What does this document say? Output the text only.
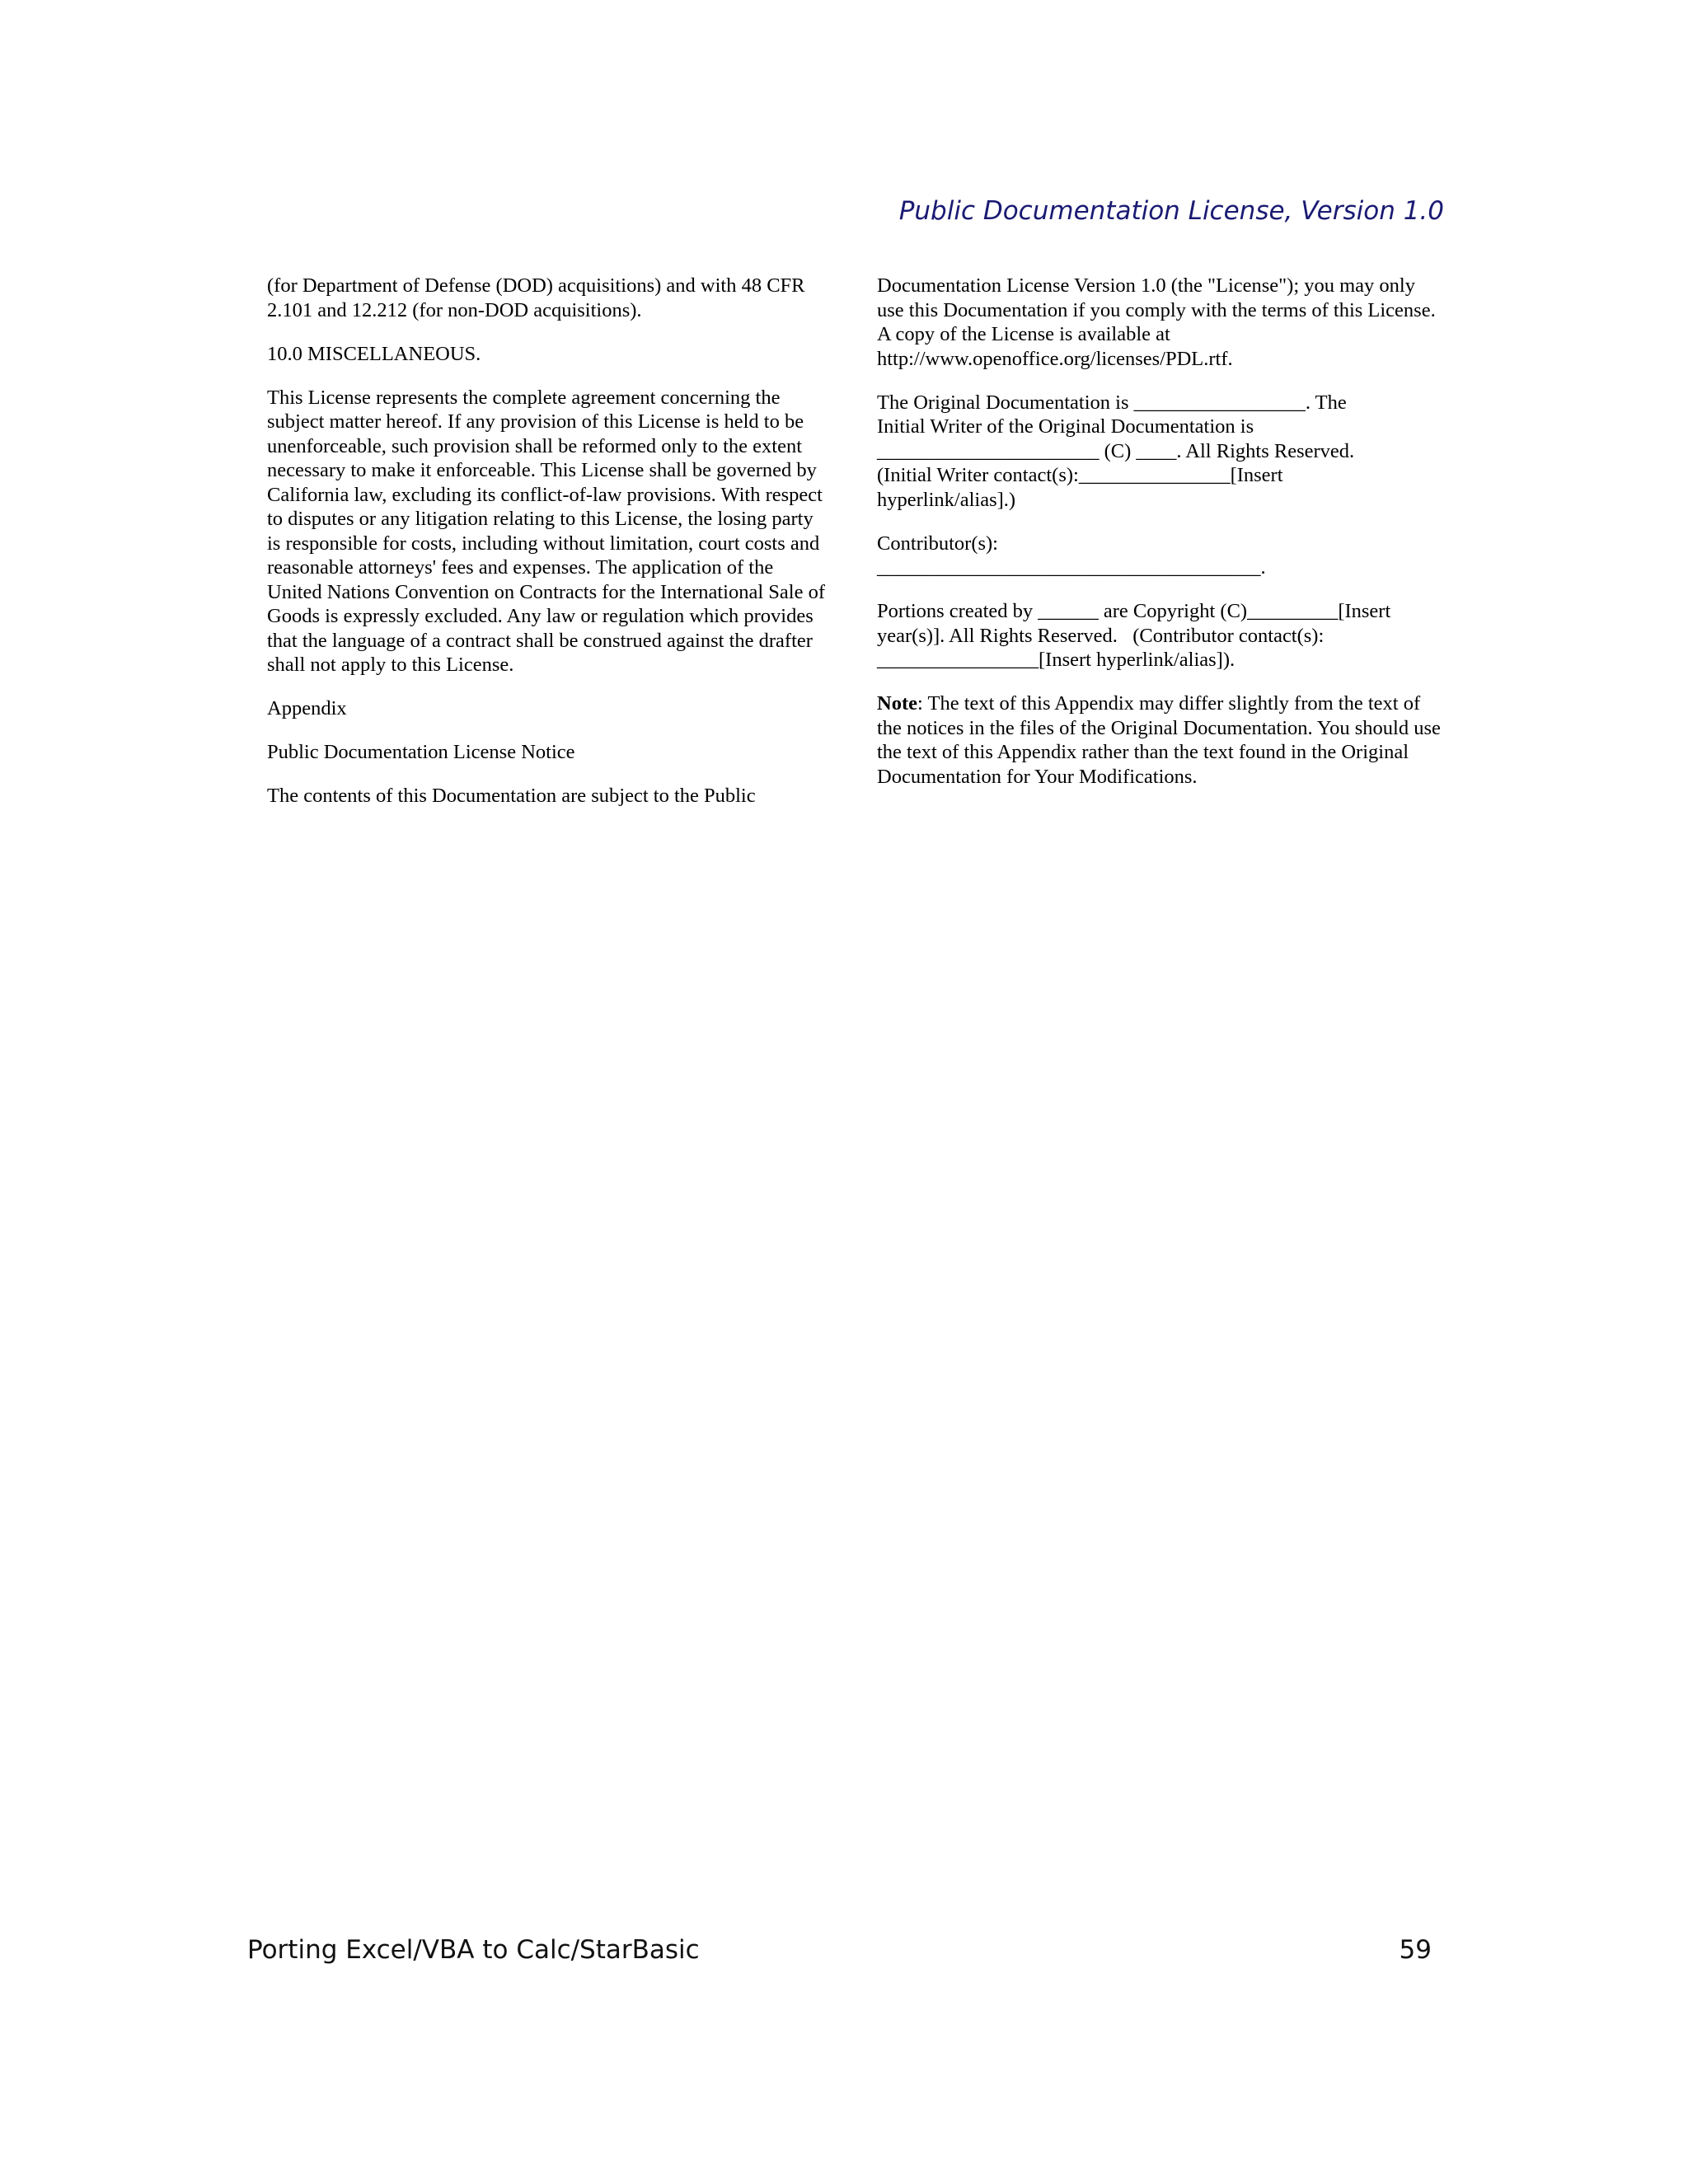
Public Documentation License, Version 1.0

(for Department of Defense (DOD) acquisitions) and with 48 CFR 2.101 and 12.212 (for non-DOD acquisitions).

10.0 MISCELLANEOUS.

This License represents the complete agreement concerning the subject matter hereof. If any provision of this License is held to be unenforceable, such provision shall be reformed only to the extent necessary to make it enforceable. This License shall be governed by California law, excluding its conflict-of-law provisions. With respect to disputes or any litigation relating to this License, the losing party is responsible for costs, including without limitation, court costs and reasonable attorneys' fees and expenses. The application of the United Nations Convention on Contracts for the International Sale of Goods is expressly excluded. Any law or regulation which provides that the language of a contract shall be construed against the drafter shall not apply to this License.

Appendix

Public Documentation License Notice

The contents of this Documentation are subject to the Public

Documentation License Version 1.0 (the "License"); you may only use this Documentation if you comply with the terms of this License. A copy of the License is available at http://www.openoffice.org/licenses/PDL.rtf.

The Original Documentation is _________________. The
Initial Writer of the Original Documentation is
______________________ (C) ____. All Rights Reserved.
(Initial Writer contact(s):_______________[Insert
hyperlink/alias].)

Contributor(s):
______________________________________.

Portions created by ______ are Copyright (C)_________[Insert
year(s)]. All Rights Reserved.   (Contributor contact(s):
________________[Insert hyperlink/alias]).

Note: The text of this Appendix may differ slightly from the text of the notices in the files of the Original Documentation. You should use the text of this Appendix rather than the text found in the Original Documentation for Your Modifications.

Porting Excel/VBA to Calc/StarBasic	59
